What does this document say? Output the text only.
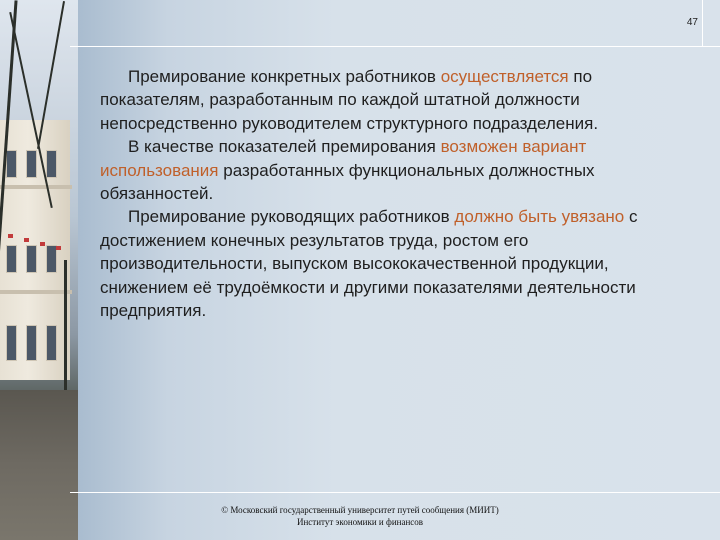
47

Премирование конкретных работников осуществляется по показателям, разработанным по каждой штатной должности непосредственно руководителем структурного подразделения.

В качестве показателей премирования возможен вариант использования разработанных функциональных должностных обязанностей.

Премирование руководящих работников должно быть увязано с достижением конечных результатов труда, ростом его производительности, выпуском высококачественной продукции, снижением её трудоёмкости и другими показателями деятельности предприятия.

© Московский государственный университет путей сообщения (МИИТ)
Институт экономики и финансов
